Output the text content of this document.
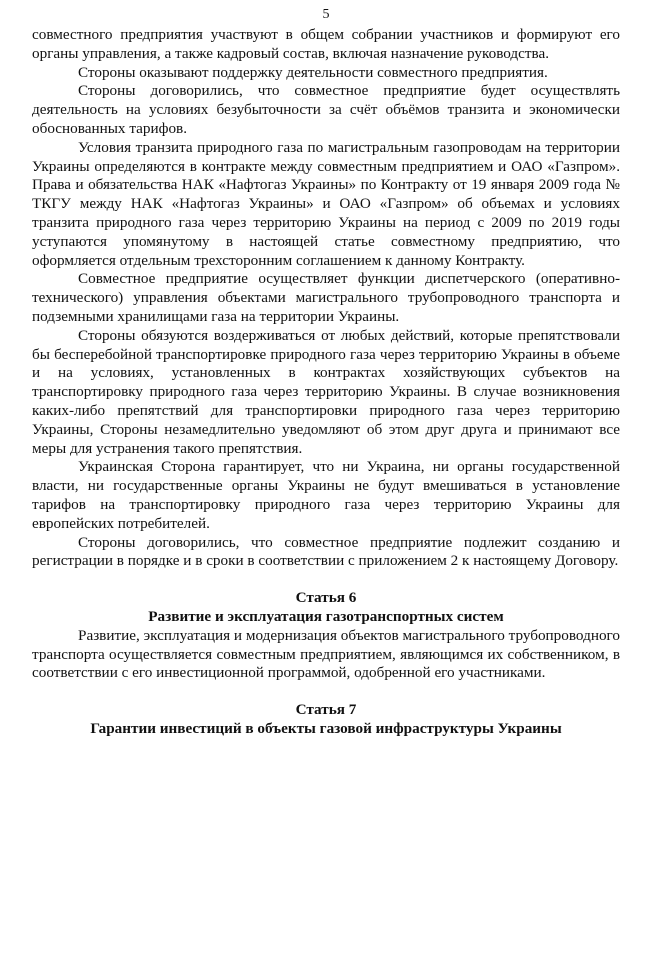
5

совместного предприятия участвуют в общем собрании участников и формируют его органы управления, а также кадровый состав, включая назначение руководства.

Стороны оказывают поддержку деятельности совместного предприятия.

Стороны договорились, что совместное предприятие будет осуществлять деятельность на условиях безубыточности за счёт объёмов транзита и экономически обоснованных тарифов.

Условия транзита природного газа по магистральным газопроводам на территории Украины определяются в контракте между совместным предприятием и ОАО «Газпром». Права и обязательства НАК «Нафтогаз Украины» по Контракту от 19 января 2009 года № ТКГУ между НАК «Нафтогаз Украины» и ОАО «Газпром» об объемах и условиях транзита природного газа через территорию Украины на период с 2009 по 2019 годы уступаются упомянутому в настоящей статье совместному предприятию, что оформляется отдельным трехсторонним соглашением к данному Контракту.

Совместное предприятие осуществляет функции диспетчерского (оперативно-технического) управления объектами магистрального трубопроводного транспорта и подземными хранилищами газа на территории Украины.

Стороны обязуются воздерживаться от любых действий, которые препятствовали бы бесперебойной транспортировке природного газа через территорию Украины в объеме и на условиях, установленных в контрактах хозяйствующих субъектов на транспортировку природного газа через территорию Украины. В случае возникновения каких-либо препятствий для транспортировки природного газа через территорию Украины, Стороны незамедлительно уведомляют об этом друг друга и принимают все меры для устранения такого препятствия.

Украинская Сторона гарантирует, что ни Украина, ни органы государственной власти, ни государственные органы Украины не будут вмешиваться в установление тарифов на транспортировку природного газа через территорию Украины для европейских потребителей.

Стороны договорились, что совместное предприятие подлежит созданию и регистрации в порядке и в сроки в соответствии с приложением 2 к настоящему Договору.

Статья 6
Развитие и эксплуатация газотранспортных систем

Развитие, эксплуатация и модернизация объектов магистрального трубопроводного транспорта осуществляется совместным предприятием, являющимся их собственником, в соответствии с его инвестиционной программой, одобренной его участниками.

Статья 7
Гарантии инвестиций в объекты газовой инфраструктуры Украины
